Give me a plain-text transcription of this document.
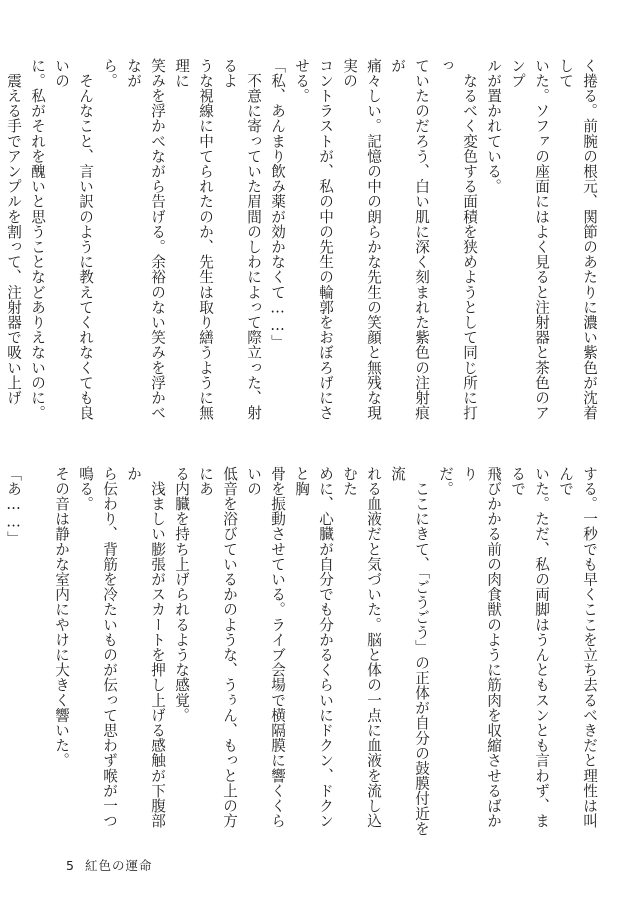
く捲る。前腕の根元、関節のあたりに濃い紫色が沈着して

いた。ソファの座面にはよく見ると注射器と茶色のアンプ

ルが置かれている。

　なるべく変色する面積を狭めようとして同じ所に打っ

ていたのだろう、白い肌に深く刻まれた紫色の注射痕が

痛々しい。記憶の中の朗らかな先生の笑顔と無残な現実の

コントラストが、私の中の先生の輪郭をおぼろげにさせる。

「私、あんまり飲み薬が効かなくて……」

　不意に寄っていた眉間のしわによって際立った、射るよ

うな視線に中てられたのか、先生は取り繕うように無理に

笑みを浮かべながら告げる。余裕のない笑みを浮かべなが

ら。

　そんなこと、言い訳のように教えてくれなくても良いの

に。私がそれを醜いと思うことなどありえないのに。

　震える手でアンプルを割って、注射器で吸い上げ

する。一秒でも早くここを立ち去るべきだと理性は叫んで

いた。ただ、私の両脚はうんともスンとも言わず、まるで

飛びかかる前の肉食獣のように筋肉を収縮させるばかり

だ。

　ここにきて、「ごうごう」の正体が自分の鼓膜付近を流

れる血液だと気づいた。脳と体の一点に血液を流し込むた

めに、心臓が自分でも分かるくらいにドクン、ドクンと胸

骨を振動させている。ライブ会場で横隔膜に響くくらいの

低音を浴びているかのような、うぅん、もっと上の方にあ

る内臓を持ち上げられるような感覚。

　浅ましい膨張がスカートを押し上げる感触が下腹部か

ら伝わり、背筋を冷たいものが伝って思わず喉が一つ鳴る。

その音は静かな室内にやけに大きく響いた。

「あ……」

5 紅色の運命
